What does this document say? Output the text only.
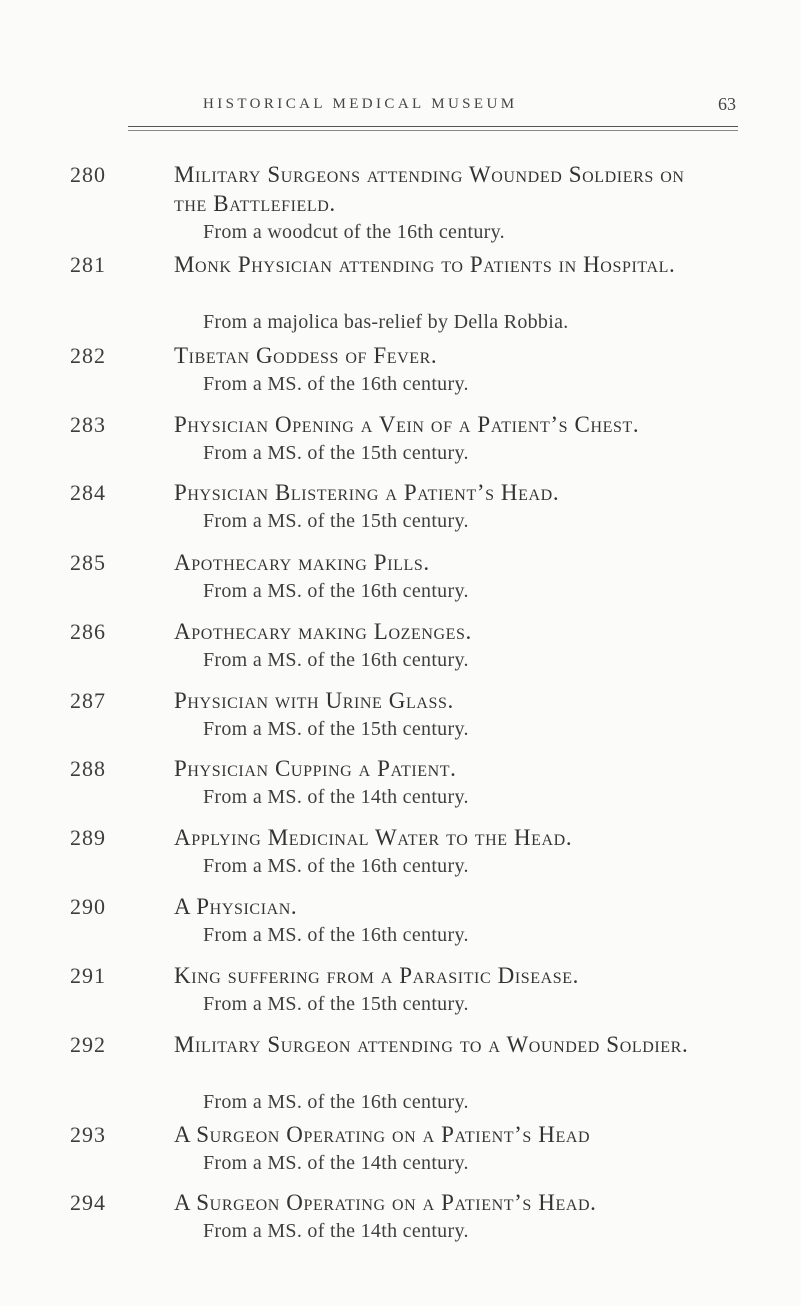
HISTORICAL MEDICAL MUSEUM	63
280	Military Surgeons attending Wounded Soldiers on the Battlefield.
From a woodcut of the 16th century.
281	Monk Physician attending to Patients in Hospital.
From a majolica bas-relief by Della Robbia.
282	Tibetan Goddess of Fever.
From a MS. of the 16th century.
283	Physician Opening a Vein of a Patient’s Chest.
From a MS. of the 15th century.
284	Physician Blistering a Patient’s Head.
From a MS. of the 15th century.
285	Apothecary making Pills.
From a MS. of the 16th century.
286	Apothecary making Lozenges.
From a MS. of the 16th century.
287	Physician with Urine Glass.
From a MS. of the 15th century.
288	Physician Cupping a Patient.
From a MS. of the 14th century.
289	Applying Medicinal Water to the Head.
From a MS. of the 16th century.
290	A Physician.
From a MS. of the 16th century.
291	King suffering from a Parasitic Disease.
From a MS. of the 15th century.
292	Military Surgeon attending to a Wounded Soldier.
From a MS. of the 16th century.
293	A Surgeon Operating on a Patient’s Head
From a MS. of the 14th century.
294	A Surgeon Operating on a Patient’s Head.
From a MS. of the 14th century.
